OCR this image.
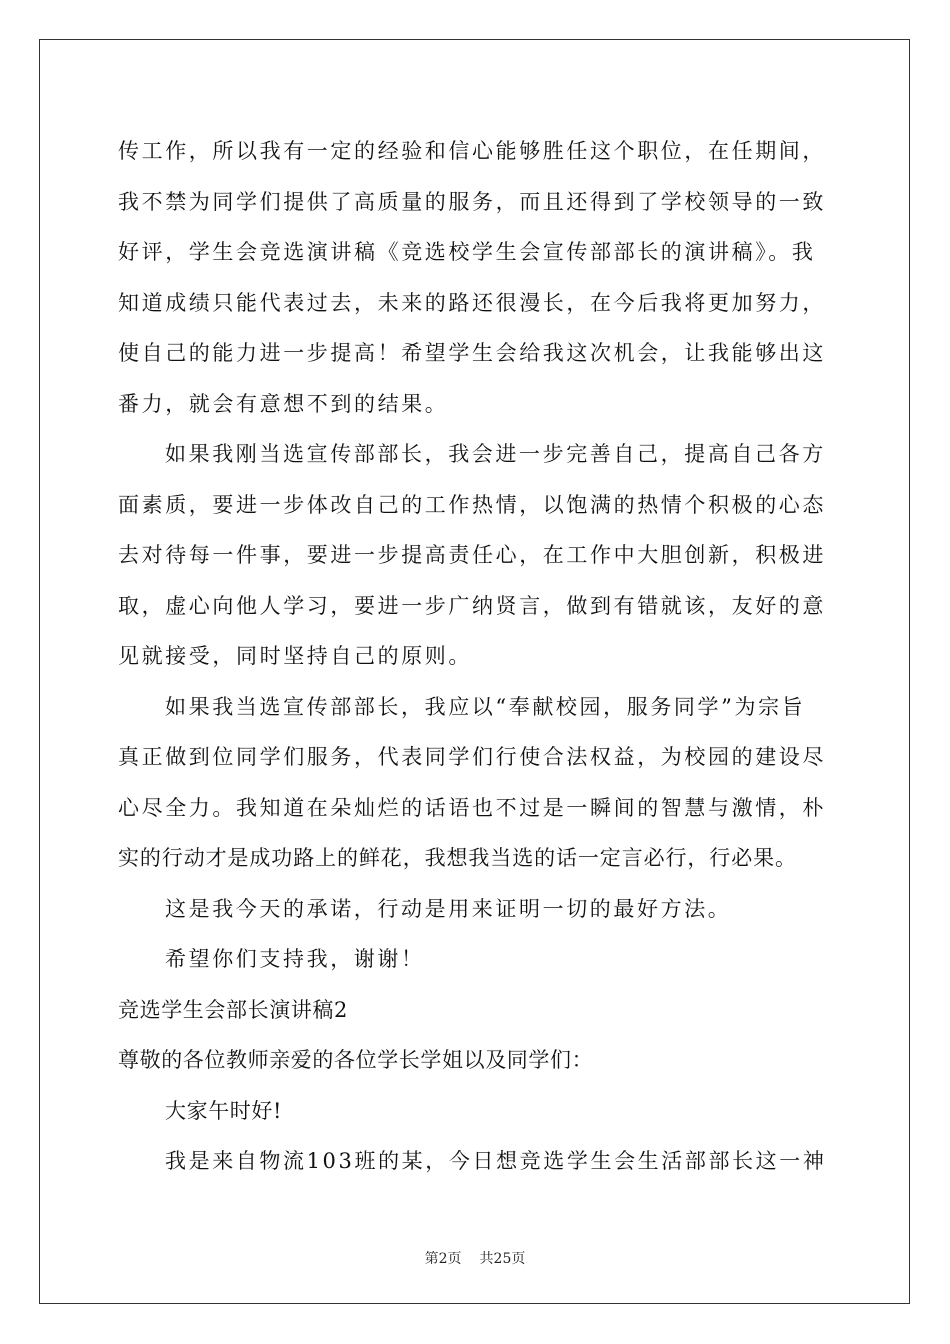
传工作，所以我有一定的经验和信心能够胜任这个职位，在任期间，
我不禁为同学们提供了高质量的服务，而且还得到了学校领导的一致
好评，学生会竞选演讲稿《竞选校学生会宣传部部长的演讲稿》。我
知道成绩只能代表过去，未来的路还很漫长，在今后我将更加努力，
使自己的能力进一步提高！希望学生会给我这次机会，让我能够出这
番力，就会有意想不到的结果。
如果我刚当选宣传部部长，我会进一步完善自己，提高自己各方
面素质，要进一步体改自己的工作热情，以饱满的热情个积极的心态
去对待每一件事，要进一步提高责任心，在工作中大胆创新，积极进
取，虚心向他人学习，要进一步广纳贤言，做到有错就该，友好的意
见就接受，同时坚持自己的原则。
如果我当选宣传部部长，我应以“奉献校园，服务同学”为宗旨
真正做到位同学们服务，代表同学们行使合法权益，为校园的建设尽
心尽全力。我知道在朵灿烂的话语也不过是一瞬间的智慧与激情，朴
实的行动才是成功路上的鲜花，我想我当选的话一定言必行，行必果。
这是我今天的承诺，行动是用来证明一切的最好方法。
希望你们支持我，谢谢！
竞选学生会部长演讲稿2
尊敬的各位教师亲爱的各位学长学姐以及同学们：
大家午时好!
我是来自物流103班的某，今日想竞选学生会生活部部长这一神
第2页 共25页
